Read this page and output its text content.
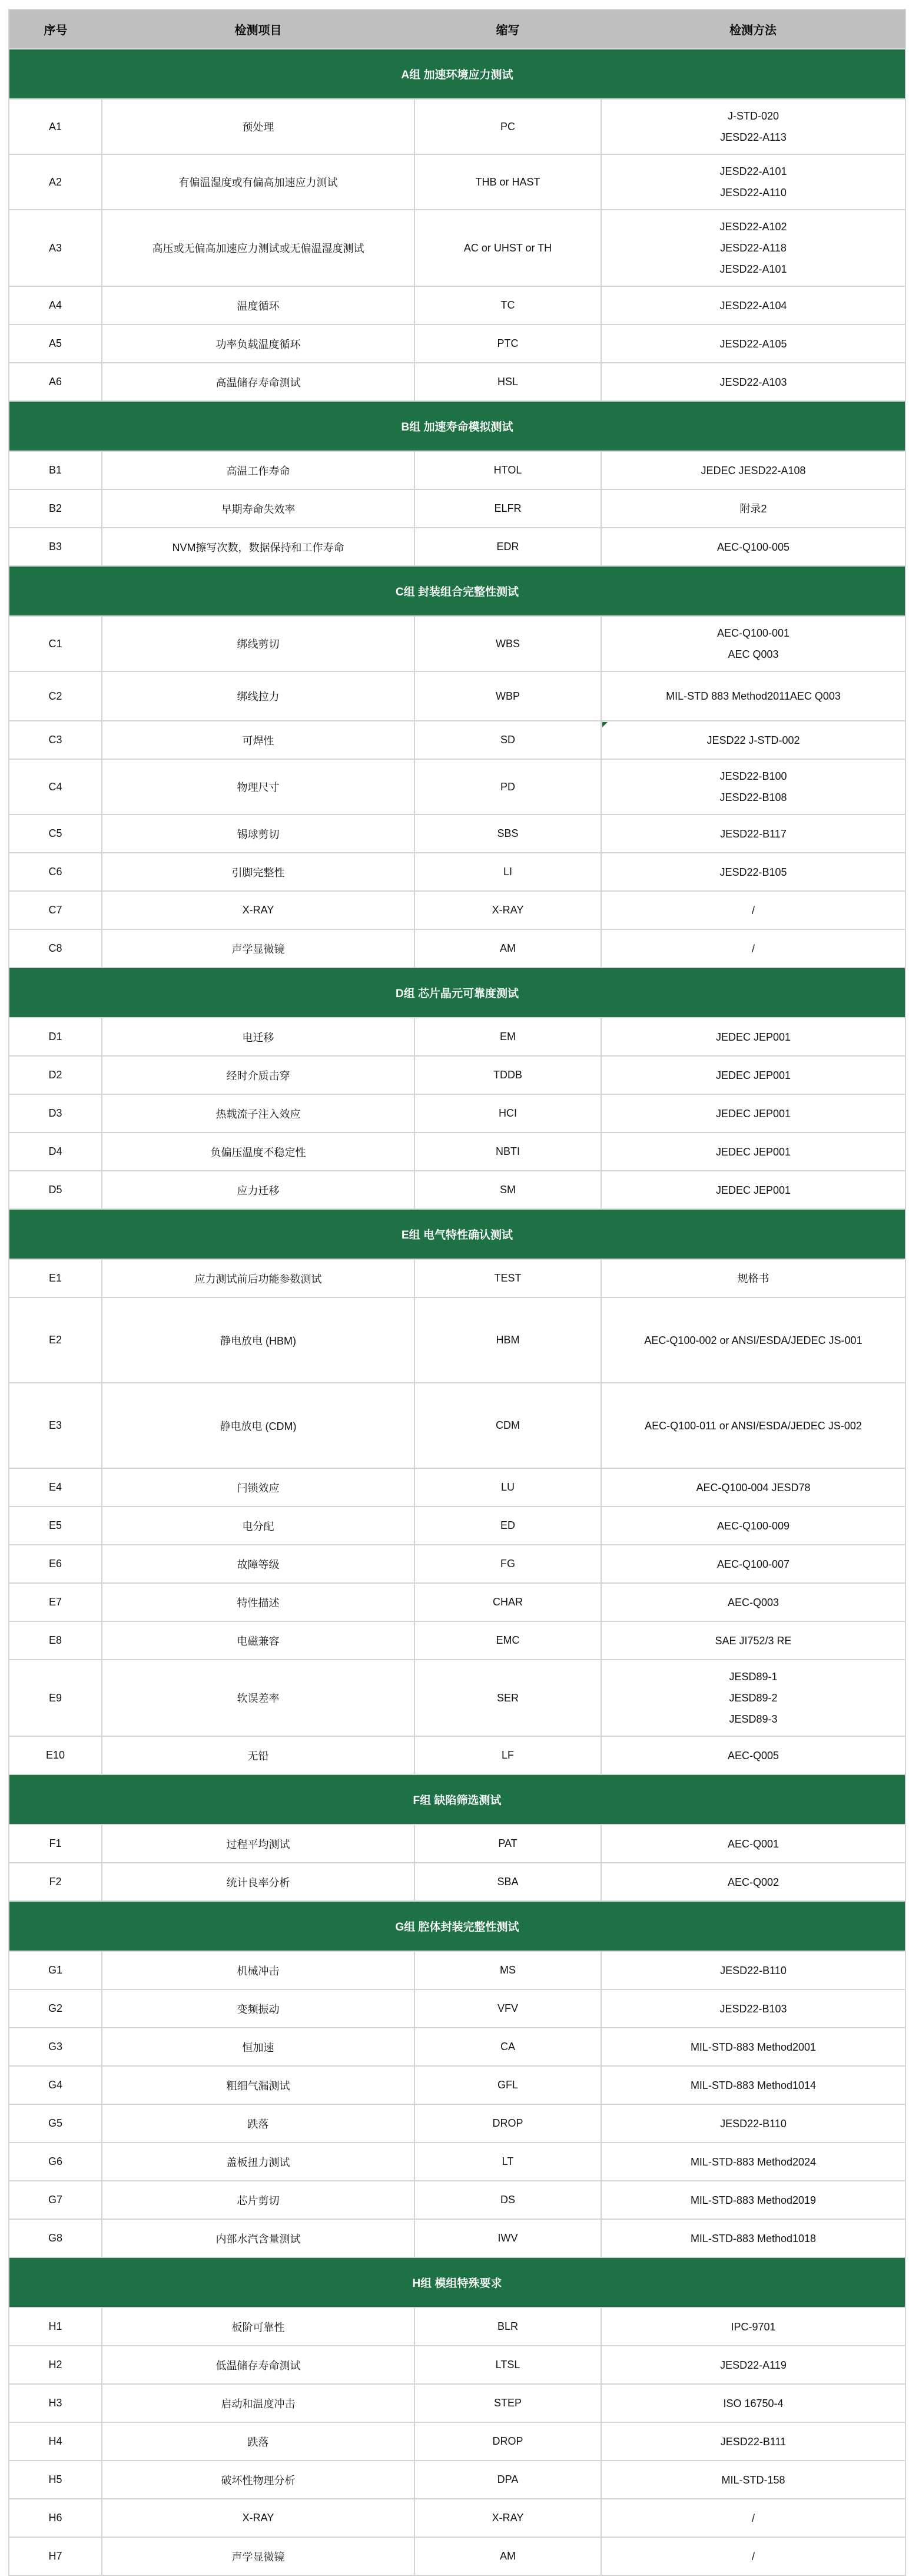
序号	检测项目	缩写	检测方法
A组 加速环境应力测试			
A1	预处理	PC	J-STD-020
JESD22-A113

A2	有偏温湿度或有偏高加速应力测试	THB or HAST	JESD22-A101
JESD22-A110

A3	高压或无偏高加速应力测试或无偏温湿度测试	AC or UHST or TH	JESD22-A102
JESD22-A118
JESD22-A101

A4	温度循环	TC	JESD22-A104

A5	功率负载温度循环	PTC	JESD22-A105

A6	高温储存寿命测试	HSL	JESD22-A103

B组 加速寿命模拟测试			
B1	高温工作寿命	HTOL	JEDEC JESD22-A108

B2	早期寿命失效率	ELFR	附录2

B3	NVM擦写次数，数据保持和工作寿命	EDR	AEC-Q100-005

C组 封装组合完整性测试			
C1	绑线剪切	WBS	AEC-Q100-001
AEC Q003

C2	绑线拉力	WBP	MIL-STD 883 Method2011AEC Q003

C3	可焊性	SD	JESD22 J-STD-002

C4	物理尺寸	PD	JESD22-B100
JESD22-B108

C5	锡球剪切	SBS	JESD22-B117

C6	引脚完整性	LI	JESD22-B105

C7	X-RAY	X-RAY	/

C8	声学显微镜	AM	/

D组 芯片晶元可靠度测试			
D1	电迁移	EM	JEDEC JEP001

D2	经时介质击穿	TDDB	JEDEC JEP001

D3	热载流子注入效应	HCI	JEDEC JEP001

D4	负偏压温度不稳定性	NBTI	JEDEC JEP001

D5	应力迁移	SM	JEDEC JEP001

E组 电气特性确认测试			
E1	应力测试前后功能参数测试	TEST	规格书

E2	静电放电 (HBM)	HBM	AEC-Q100-002 or ANSI/ESDA/JEDEC JS-001

E3	静电放电 (CDM)	CDM	AEC-Q100-011 or ANSI/ESDA/JEDEC JS-002

E4	闩锁效应	LU	AEC-Q100-004 JESD78

E5	电分配	ED	AEC-Q100-009

E6	故障等级	FG	AEC-Q100-007

E7	特性描述	CHAR	AEC-Q003

E8	电磁兼容	EMC	SAE JI752/3 RE

E9	软误差率	SER	JESD89-1
JESD89-2
JESD89-3

E10	无铅	LF	AEC-Q005

F组 缺陷筛选测试			
F1	过程平均测试	PAT	AEC-Q001

F2	统计良率分析	SBA	AEC-Q002

G组 腔体封装完整性测试			
G1	机械冲击	MS	JESD22-B110

G2	变频振动	VFV	JESD22-B103

G3	恒加速	CA	MIL-STD-883 Method2001

G4	粗细气漏测试	GFL	MIL-STD-883 Method1014

G5	跌落	DROP	JESD22-B110

G6	盖板扭力测试	LT	MIL-STD-883 Method2024

G7	芯片剪切	DS	MIL-STD-883 Method2019

G8	内部水汽含量测试	IWV	MIL-STD-883 Method1018

H组 模组特殊要求			
H1	板阶可靠性	BLR	IPC-9701

H2	低温储存寿命测试	LTSL	JESD22-A119

H3	启动和温度冲击	STEP	ISO 16750-4

H4	跌落	DROP	JESD22-B111

H5	破坏性物理分析	DPA	MIL-STD-158

H6	X-RAY	X-RAY	/

H7	声学显微镜	AM	/
